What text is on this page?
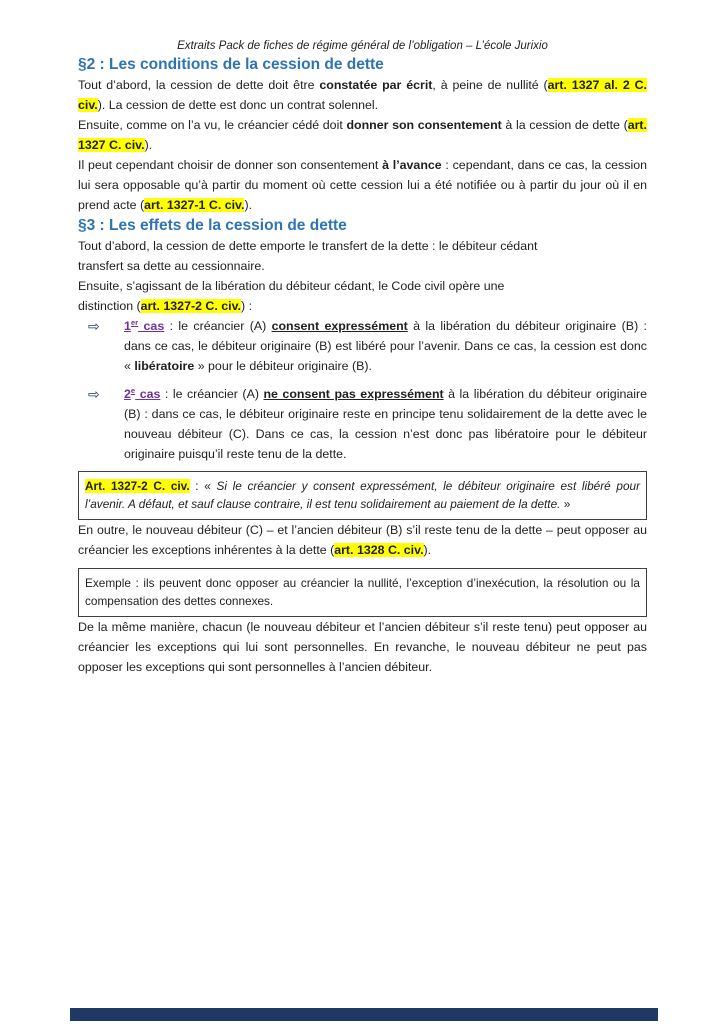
Extraits Pack de fiches de régime général de l’obligation – L’école Jurixio
§2 : Les conditions de la cession de dette

Tout d’abord, la cession de dette doit être constatée par écrit, à peine de nullité (art. 1327 al. 2 C. civ.). La cession de dette est donc un contrat solennel.

Ensuite, comme on l’a vu, le créancier cédé doit donner son consentement à la cession de dette (art. 1327 C. civ.).

Il peut cependant choisir de donner son consentement à l’avance : cependant, dans ce cas, la cession lui sera opposable qu’à partir du moment où cette cession lui a été notifiée ou à partir du jour où il en prend acte (art. 1327-1 C. civ.).

§3 : Les effets de la cession de dette

Tout d’abord, la cession de dette emporte le transfert de la dette : le débiteur cédant
transfert sa dette au cessionnaire.

Ensuite, s’agissant de la libération du débiteur cédant, le Code civil opère une
distinction (art. 1327-2 C. civ.) :

⇨ 1er cas : le créancier (A) consent expressément à la libération du débiteur originaire (B) : dans ce cas, le débiteur originaire (B) est libéré pour l’avenir. Dans ce cas, la cession est donc « libératoire » pour le débiteur originaire (B).
⇨ 2e cas : le créancier (A) ne consent pas expressément à la libération du débiteur originaire (B) : dans ce cas, le débiteur originaire reste en principe tenu solidairement de la dette avec le nouveau débiteur (C). Dans ce cas, la cession n’est donc pas libératoire pour le débiteur originaire puisqu’il reste tenu de la dette.
Art. 1327-2 C. civ. : « Si le créancier y consent expressément, le débiteur originaire est libéré pour l’avenir. A défaut, et sauf clause contraire, il est tenu solidairement au paiement de la dette. »

En outre, le nouveau débiteur (C) – et l’ancien débiteur (B) s’il reste tenu de la dette – peut opposer au créancier les exceptions inhérentes à la dette (art. 1328 C. civ.).

Exemple : ils peuvent donc opposer au créancier la nullité, l’exception d’inexécution, la résolution ou la compensation des dettes connexes.

De la même manière, chacun (le nouveau débiteur et l’ancien débiteur s’il reste tenu) peut opposer au créancier les exceptions qui lui sont personnelles. En revanche, le nouveau débiteur ne peut pas opposer les exceptions qui sont personnelles à l’ancien débiteur.
